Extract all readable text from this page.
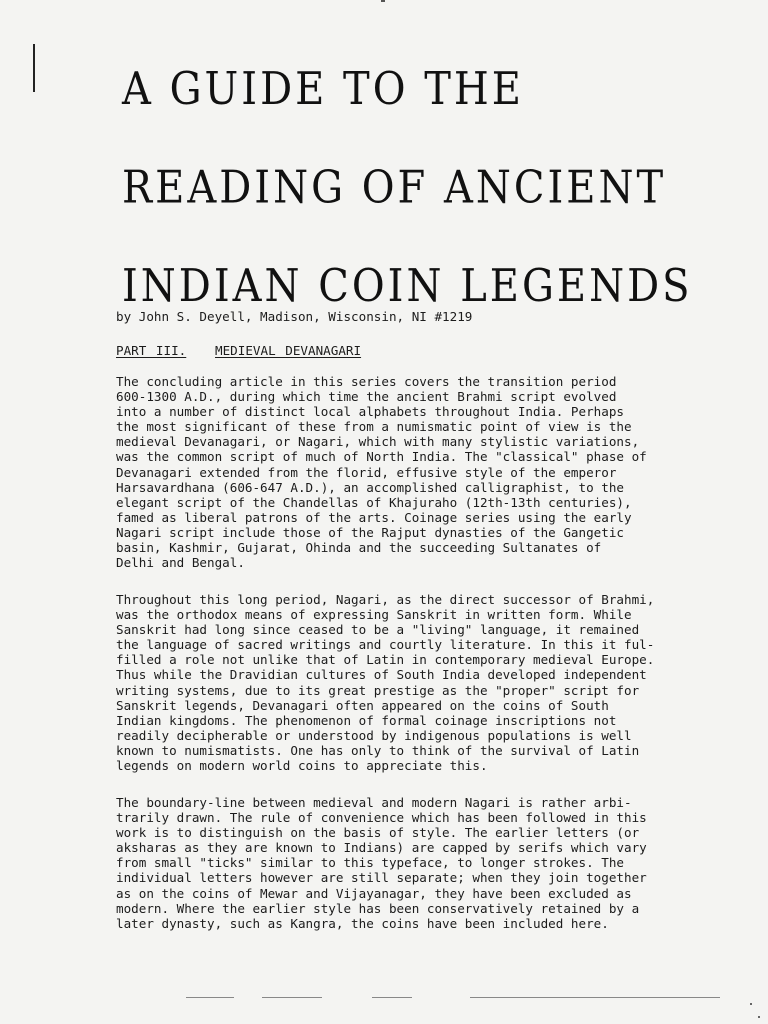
A GUIDE TO THE
READING OF ANCIENT
INDIAN COIN LEGENDS
by John S. Deyell, Madison, Wisconsin, NI #1219
PART III. MEDIEVAL DEVANAGARI
The concluding article in this series covers the transition period
600-1300 A.D., during which time the ancient Brahmi script evolved
into a number of distinct local alphabets throughout India. Perhaps
the most significant of these from a numismatic point of view is the
medieval Devanagari, or Nagari, which with many stylistic variations,
was the common script of much of North India. The "classical" phase of
Devanagari extended from the florid, effusive style of the emperor
Harsavardhana (606-647 A.D.), an accomplished calligraphist, to the
elegant script of the Chandellas of Khajuraho (12th-13th centuries),
famed as liberal patrons of the arts. Coinage series using the early
Nagari script include those of the Rajput dynasties of the Gangetic
basin, Kashmir, Gujarat, Ohinda and the succeeding Sultanates of
Delhi and Bengal.
Throughout this long period, Nagari, as the direct successor of Brahmi,
was the orthodox means of expressing Sanskrit in written form. While
Sanskrit had long since ceased to be a "living" language, it remained
the language of sacred writings and courtly literature. In this it ful-
filled a role not unlike that of Latin in contemporary medieval Europe.
Thus while the Dravidian cultures of South India developed independent
writing systems, due to its great prestige as the "proper" script for
Sanskrit legends, Devanagari often appeared on the coins of South
Indian kingdoms. The phenomenon of formal coinage inscriptions not
readily decipherable or understood by indigenous populations is well
known to numismatists. One has only to think of the survival of Latin
legends on modern world coins to appreciate this.
The boundary-line between medieval and modern Nagari is rather arbi-
trarily drawn. The rule of convenience which has been followed in this
work is to distinguish on the basis of style. The earlier letters (or
aksharas as they are known to Indians) are capped by serifs which vary
from small "ticks" similar to this typeface, to longer strokes. The
individual letters however are still separate; when they join together
as on the coins of Mewar and Vijayanagar, they have been excluded as
modern. Where the earlier style has been conservatively retained by a
later dynasty, such as Kangra, the coins have been included here.
